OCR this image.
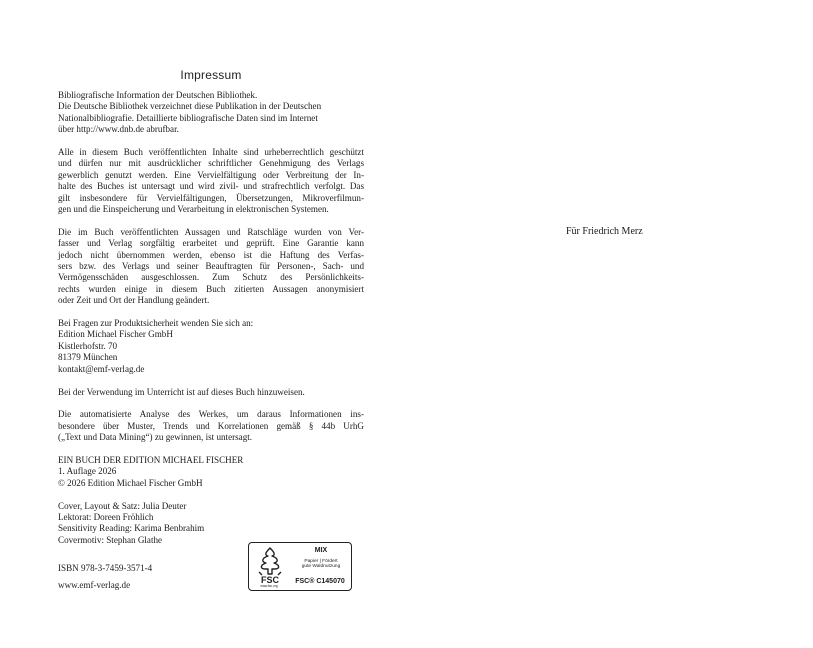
Impressum
Bibliografische Information der Deutschen Bibliothek.
Die Deutsche Bibliothek verzeichnet diese Publikation in der Deutschen
Nationalbibliografie. Detaillierte bibliografische Daten sind im Internet
über http://www.dnb.de abrufbar.
Alle in diesem Buch veröffentlichten Inhalte sind urheberrechtlich geschützt
und dürfen nur mit ausdrücklicher schriftlicher Genehmigung des Verlags
gewerblich genutzt werden. Eine Vervielfältigung oder Verbreitung der In-
halte des Buches ist untersagt und wird zivil- und strafrechtlich verfolgt. Das
gilt insbesondere für Vervielfältigungen, Übersetzungen, Mikroverfilmun-
gen und die Einspeicherung und Verarbeitung in elektronischen Systemen.
Die im Buch veröffentlichten Aussagen und Ratschläge wurden von Ver-
fasser und Verlag sorgfältig erarbeitet und geprüft. Eine Garantie kann
jedoch nicht übernommen werden, ebenso ist die Haftung des Verfas-
sers bzw. des Verlags und seiner Beauftragten für Personen-, Sach- und
Vermögensschäden ausgeschlossen. Zum Schutz des Persönlichkeits-
rechts wurden einige in diesem Buch zitierten Aussagen anonymisiert
oder Zeit und Ort der Handlung geändert.
Bei Fragen zur Produktsicherheit wenden Sie sich an:
Edition Michael Fischer GmbH
Kistlerhofstr. 70
81379 München
kontakt@emf-verlag.de
Bei der Verwendung im Unterricht ist auf dieses Buch hinzuweisen.
Die automatisierte Analyse des Werkes, um daraus Informationen ins-
besondere über Muster, Trends und Korrelationen gemäß § 44b UrhG
(„Text und Data Mining“) zu gewinnen, ist untersagt.
EIN BUCH DER EDITION MICHAEL FISCHER
1. Auflage 2026
© 2026 Edition Michael Fischer GmbH
Cover, Layout & Satz: Julia Deuter
Lektorat: Doreen Fröhlich
Sensitivity Reading: Karima Benbrahim
Covermotiv: Stephan Glathe
ISBN 978-3-7459-3571-4
www.emf-verlag.de	FSC
www.fsc.org
MIX
Papier | Fördert
gute Waldnutzung
FSC® C145070
Für Friedrich Merz
